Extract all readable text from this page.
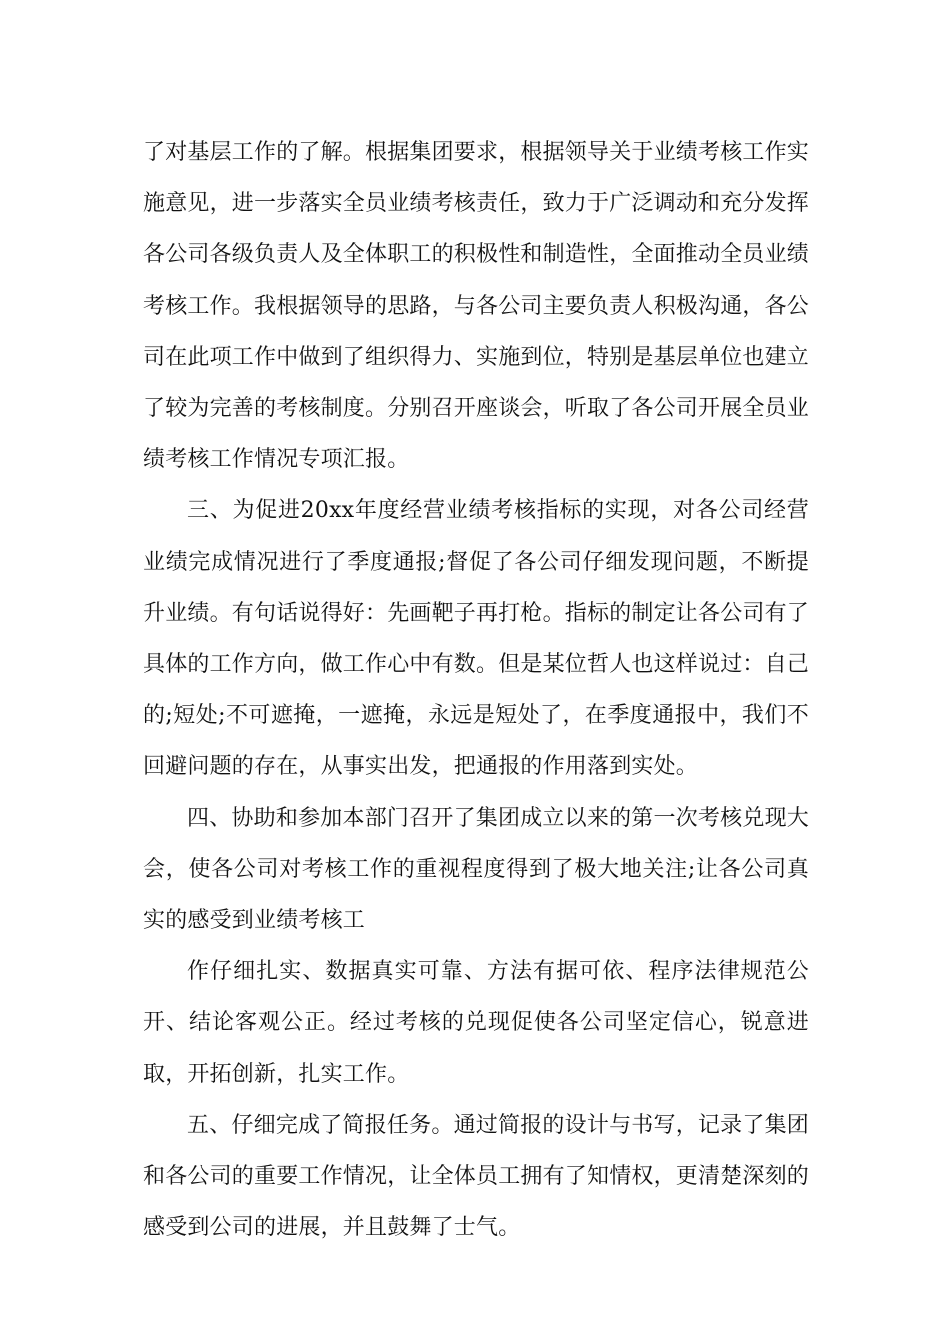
了对基层工作的了解。根据集团要求，根据领导关于业绩考核工作实施意见，进一步落实全员业绩考核责任，致力于广泛调动和充分发挥各公司各级负责人及全体职工的积极性和制造性，全面推动全员业绩考核工作。我根据领导的思路，与各公司主要负责人积极沟通，各公司在此项工作中做到了组织得力、实施到位，特别是基层单位也建立了较为完善的考核制度。分别召开座谈会，听取了各公司开展全员业绩考核工作情况专项汇报。

三、为促进20xx年度经营业绩考核指标的实现，对各公司经营业绩完成情况进行了季度通报;督促了各公司仔细发现问题，不断提升业绩。有句话说得好：先画靶子再打枪。指标的制定让各公司有了具体的工作方向，做工作心中有数。但是某位哲人也这样说过：自己的;短处;不可遮掩，一遮掩，永远是短处了，在季度通报中，我们不回避问题的存在，从事实出发，把通报的作用落到实处。

四、协助和参加本部门召开了集团成立以来的第一次考核兑现大会，使各公司对考核工作的重视程度得到了极大地关注;让各公司真实的感受到业绩考核工

作仔细扎实、数据真实可靠、方法有据可依、程序法律规范公开、结论客观公正。经过考核的兑现促使各公司坚定信心，锐意进取，开拓创新，扎实工作。

五、仔细完成了简报任务。通过简报的设计与书写，记录了集团和各公司的重要工作情况，让全体员工拥有了知情权，更清楚深刻的感受到公司的进展，并且鼓舞了士气。
